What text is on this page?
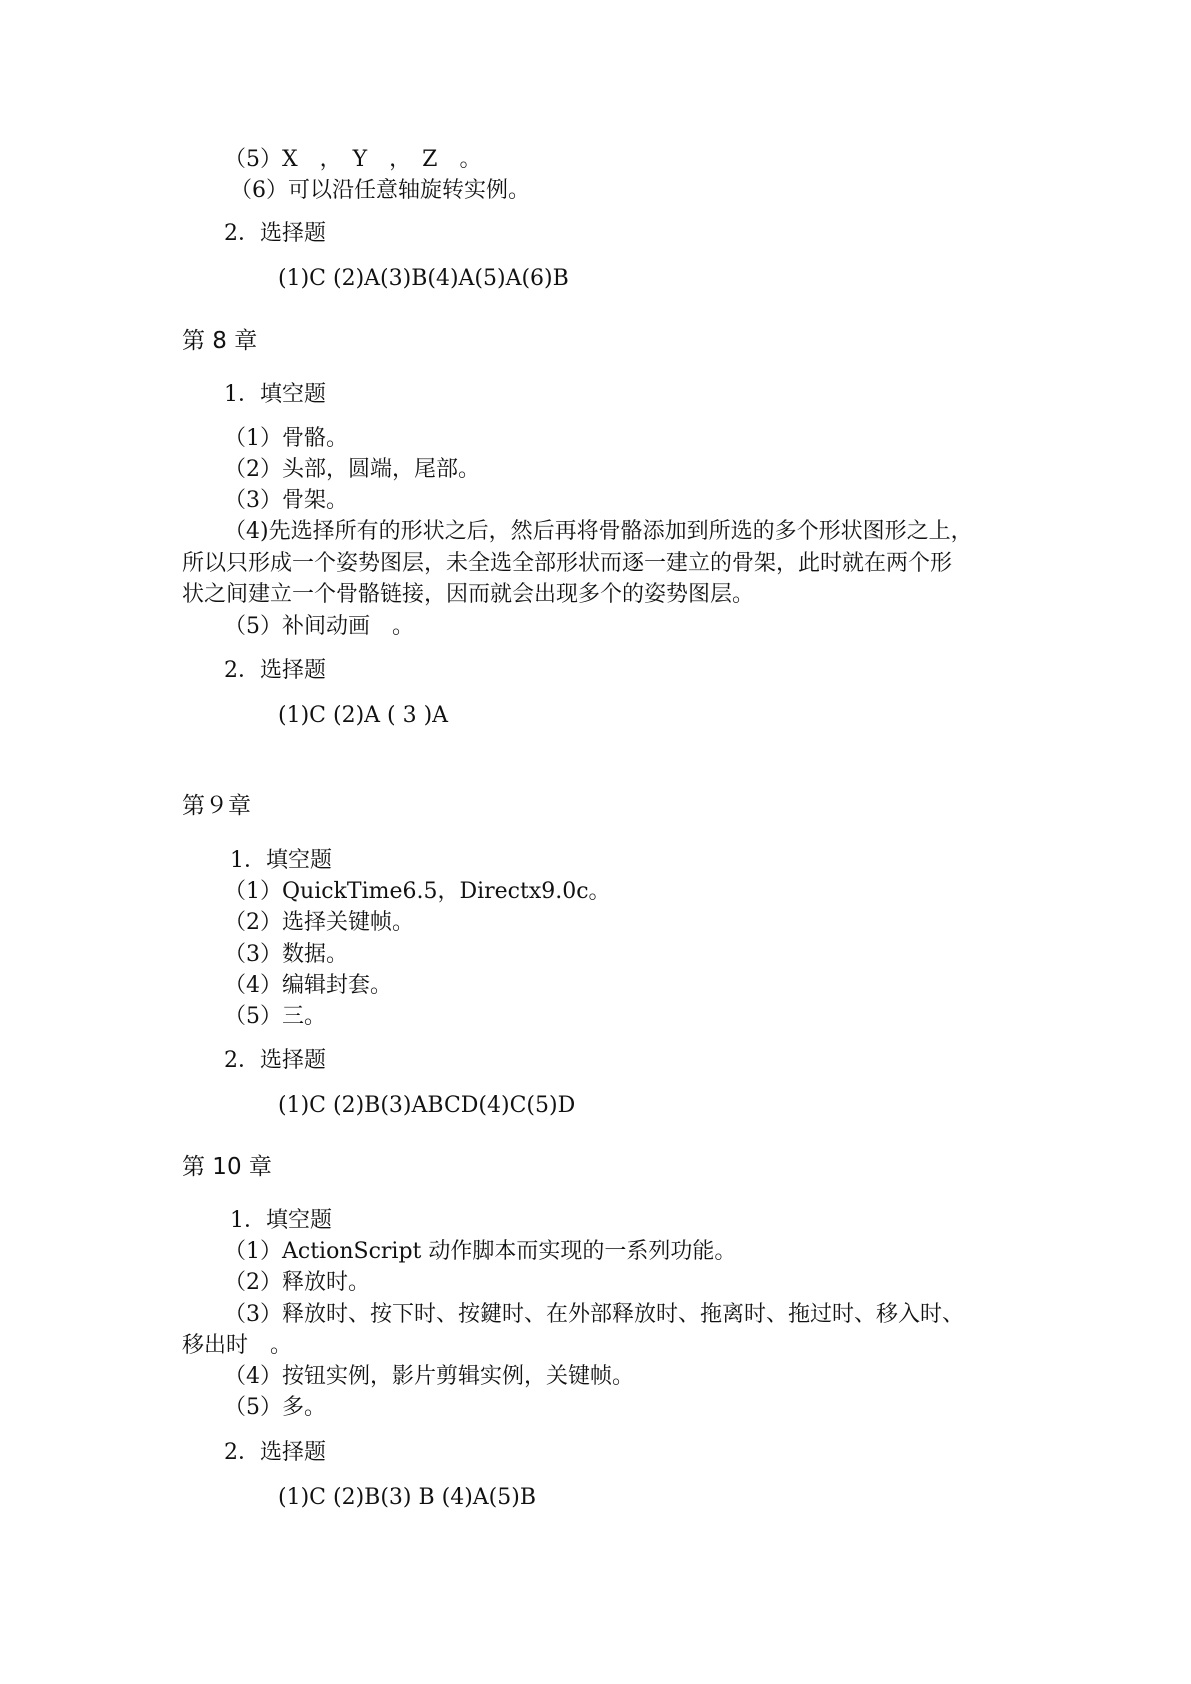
（5）X　，　Y　，　Z　。

（6）可以沿任意轴旋转实例。

2．选择题

(1)C (2)A(3)B(4)A(5)A(6)B

第 8 章

1．填空题

（1）骨骼。

（2）头部，圆端，尾部。

（3）骨架。

（4)先选择所有的形状之后，然后再将骨骼添加到所选的多个形状图形之上，

所以只形成一个姿势图层，未全选全部形状而逐一建立的骨架，此时就在两个形

状之间建立一个骨骼链接，因而就会出现多个的姿势图层。

（5）补间动画　。

2．选择题

(1)C (2)A ( 3 )A

第９章

1．填空题

（1）QuickTime6.5，Directx9.0c。

（2）选择关键帧。

（3）数据。

（4）编辑封套。

（5）三。

2．选择题

(1)C (2)B(3)ABCD(4)C(5)D

第 10 章

1．填空题

（1）ActionScript 动作脚本而实现的一系列功能。

（2）释放时。

（3）释放时、按下时、按鍵时、在外部释放时、拖离时、拖过时、移入时、

移出时　。

（4）按钮实例，影片剪辑实例，关键帧。

（5）多。

2．选择题

(1)C (2)B(3) B (4)A(5)B
